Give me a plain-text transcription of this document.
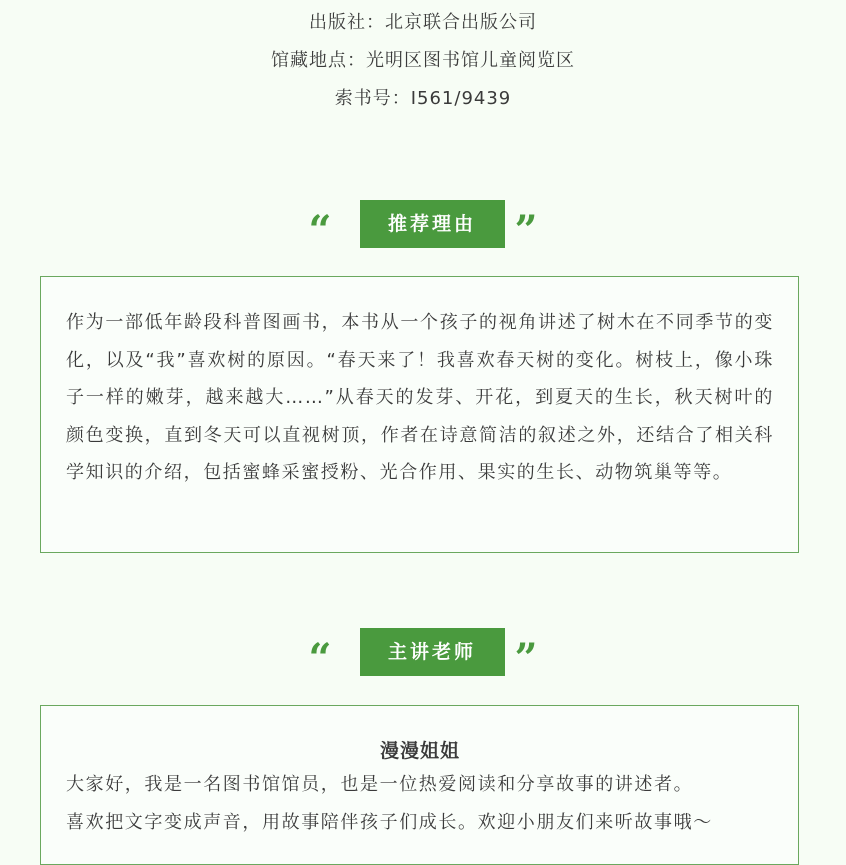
出版社：北京联合出版公司
馆藏地点：光明区图书馆儿童阅览区
索书号：I561/9439
“	推荐理由 ”
作为一部低年龄段科普图画书，本书从一个孩子的视角讲述了树木在不同季节的变化，以及“我”喜欢树的原因。“春天来了！我喜欢春天树的变化。树枝上，像小珠子一样的嫩芽，越来越大……”从春天的发芽、开花，到夏天的生长，秋天树叶的颜色变换，直到冬天可以直视树顶，作者在诗意简洁的叙述之外，还结合了相关科学知识的介绍，包括蜜蜂采蜜授粉、光合作用、果实的生长、动物筑巢等等。
“	主讲老师 ”
漫漫姐姐
大家好，我是一名图书馆馆员，也是一位热爱阅读和分享故事的讲述者。
喜欢把文字变成声音，用故事陪伴孩子们成长。欢迎小朋友们来听故事哦～
